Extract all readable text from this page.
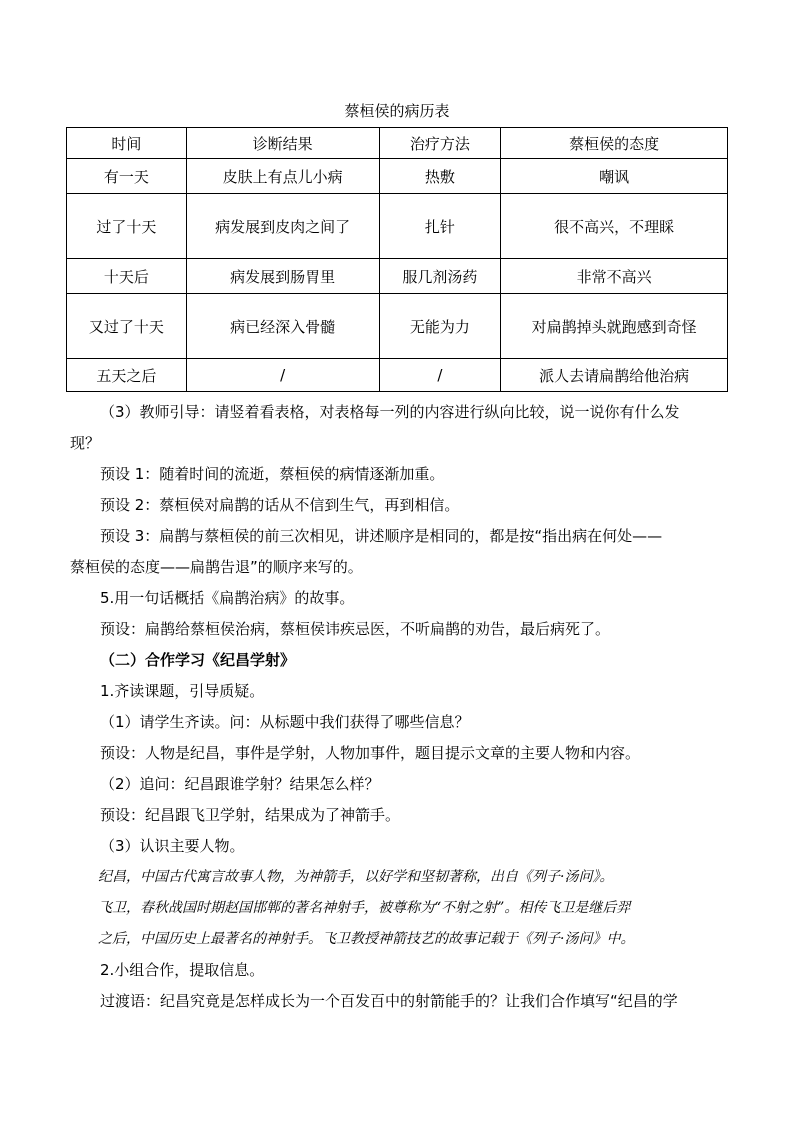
蔡桓侯的病历表
时间	诊断结果	治疗方法	蔡桓侯的态度
有一天	皮肤上有点儿小病	热敷	嘲讽
过了十天	病发展到皮肉之间了	扎针	很不高兴，不理睬
十天后	病发展到肠胃里	服几剂汤药	非常不高兴
又过了十天	病已经深入骨髓	无能为力	对扁鹊掉头就跑感到奇怪
五天之后	/	/	派人去请扁鹊给他治病

（3）教师引导：请竖着看表格，对表格每一列的内容进行纵向比较，说一说你有什么发

现？

预设 1：随着时间的流逝，蔡桓侯的病情逐渐加重。

预设 2：蔡桓侯对扁鹊的话从不信到生气，再到相信。

预设 3：扁鹊与蔡桓侯的前三次相见，讲述顺序是相同的，都是按“指出病在何处——

蔡桓侯的态度——扁鹊告退”的顺序来写的。

5.用一句话概括《扁鹊治病》的故事。

预设：扁鹊给蔡桓侯治病，蔡桓侯讳疾忌医，不听扁鹊的劝告，最后病死了。

（二）合作学习《纪昌学射》

1.齐读课题，引导质疑。

（1）请学生齐读。问：从标题中我们获得了哪些信息？

预设：人物是纪昌，事件是学射，人物加事件，题目提示文章的主要人物和内容。

（2）追问：纪昌跟谁学射？结果怎么样？

预设：纪昌跟飞卫学射，结果成为了神箭手。

（3）认识主要人物。

纪昌，中国古代寓言故事人物，为神箭手，以好学和坚韧著称，出自《列子·汤问》。

飞卫，春秋战国时期赵国邯郸的著名神射手，被尊称为“不射之射”。相传飞卫是继后羿

之后，中国历史上最著名的神射手。飞卫教授神箭技艺的故事记载于《列子·汤问》中。

2.小组合作，提取信息。

过渡语：纪昌究竟是怎样成长为一个百发百中的射箭能手的？让我们合作填写“纪昌的学
